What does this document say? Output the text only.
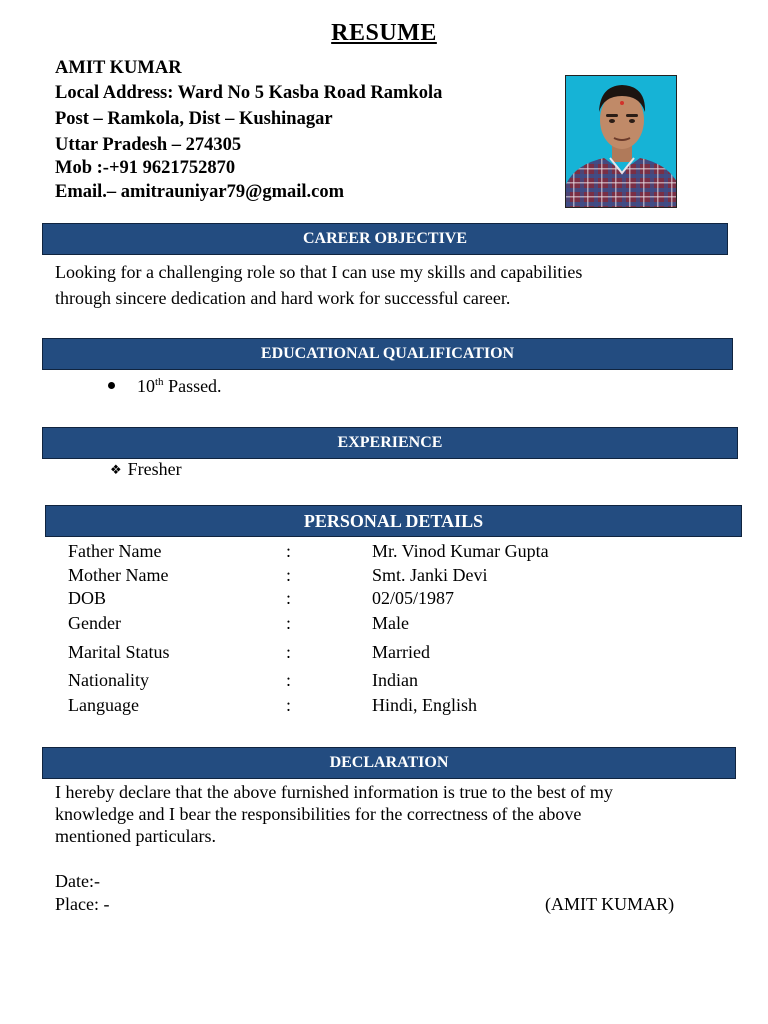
RESUME
AMIT KUMAR
Local Address: Ward No 5 Kasba Road Ramkola
Post – Ramkola, Dist – Kushinagar
Uttar Pradesh – 274305
Mob :-+91 9621752870
Email.– amitrauniyar79@gmail.com
CAREER OBJECTIVE
Looking for a challenging role so that I can use my skills and capabilities
through sincere dedication and hard work for successful career.
EDUCATIONAL QUALIFICATION
10th Passed.
EXPERIENCE
❖ Fresher
PERSONAL DETAILS
Father Name	:	Mr. Vinod Kumar Gupta
Mother Name	:	Smt. Janki Devi
DOB	:	02/05/1987
Gender	:	Male
Marital Status	:	Married
Nationality	:	Indian
Language	:	Hindi, English
DECLARATION
I hereby declare that the above furnished information is true to the best of my
knowledge and I bear the responsibilities for the correctness of the above
mentioned particulars.
Date:-
Place: -	(AMIT KUMAR)
